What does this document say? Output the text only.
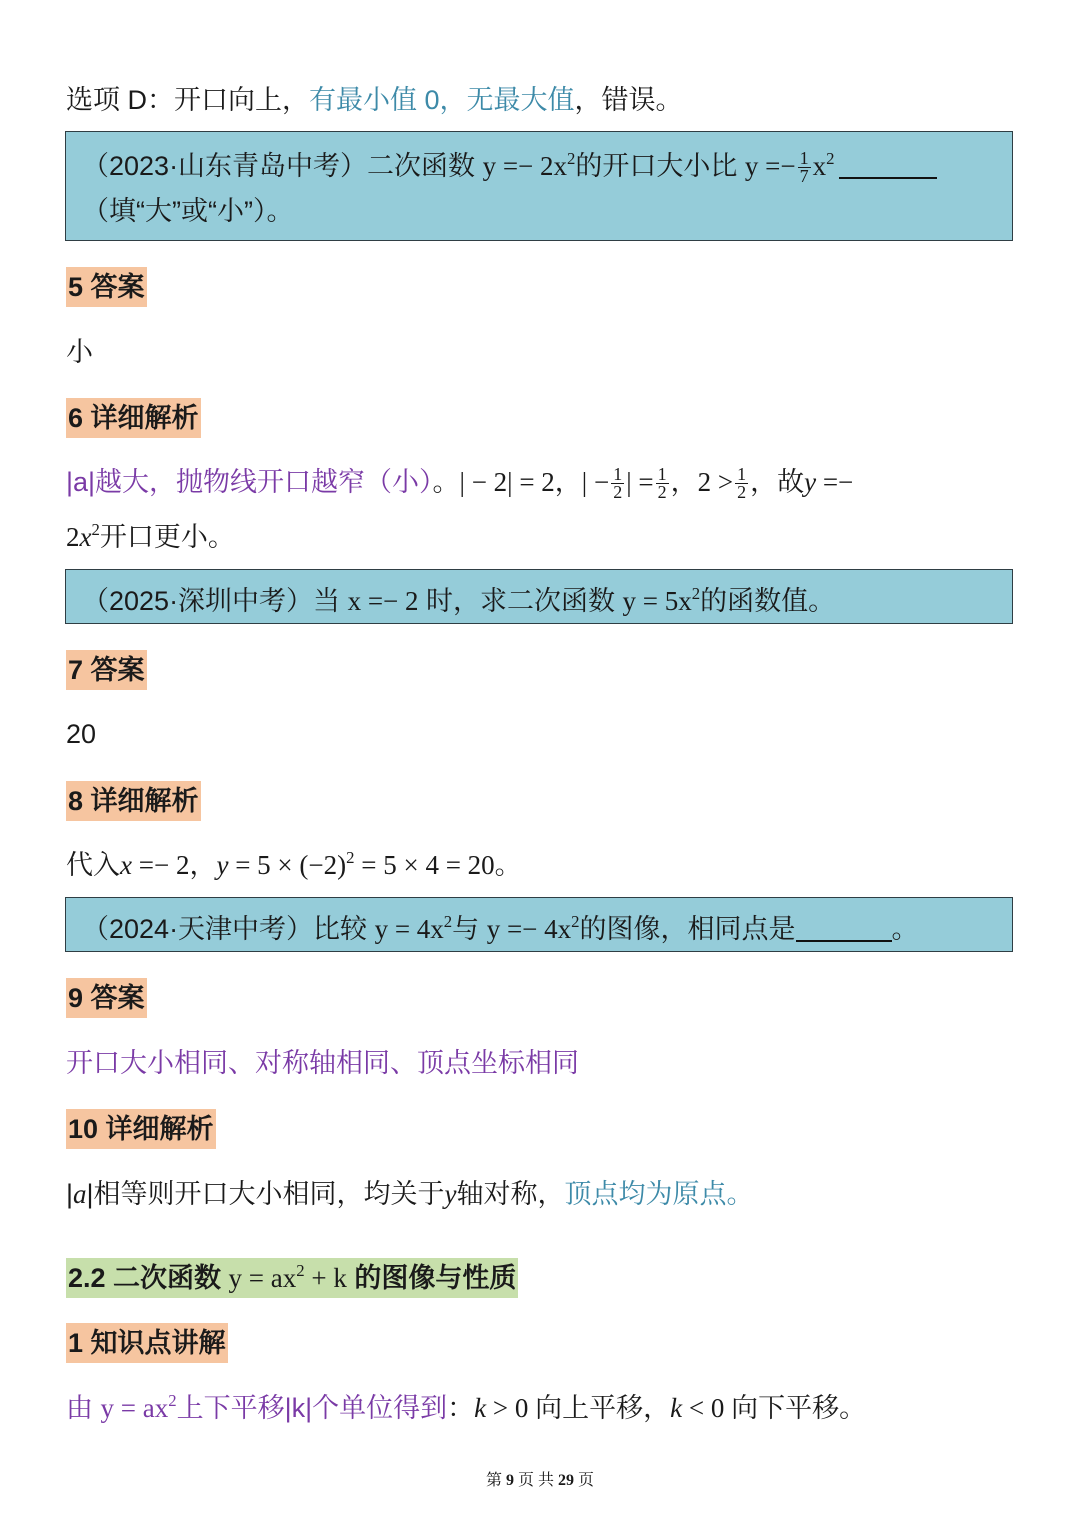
选项 D：开口向上，有最小值 0，无最大值，错误。
（2023·山东青岛中考）二次函数 $y =- 2x^2$的开口大小比 $y =- \frac{1}{7} x^2$
（填“大”或“小”）。
5 答案
小
6 详细解析
|a|越大，抛物线开口越窄（小）。| − 2| = 2，| − $\frac{1}{2}$ | = $\frac{1}{2}$ ，$2 > \frac{1}{2}$ ，故y =−
$2x^2$开口更小。
（2025·深圳中考）当 x =− 2 时，求二次函数 $y = 5x^2$的函数值。
7 答案
20
8 详细解析
代入x =− 2，$y = 5 \times (-2)^2 = 5 \times 4 = 20$。
（2024·天津中考）比较 $y = 4x^2$与 $y =- 4x^2$的图像，相同点是	。
9 答案
开口大小相同、对称轴相同、顶点坐标相同
10 详细解析
|a|相等则开口大小相同，均关于y轴对称，顶点均为原点。
2.2 二次函数 $y = ax^2 + k$ 的图像与性质
1 知识点讲解
由 $y = ax^2$上下平移|k|个单位得到：k > 0 向上平移，k < 0 向下平移。
第 9 页 共 29 页
